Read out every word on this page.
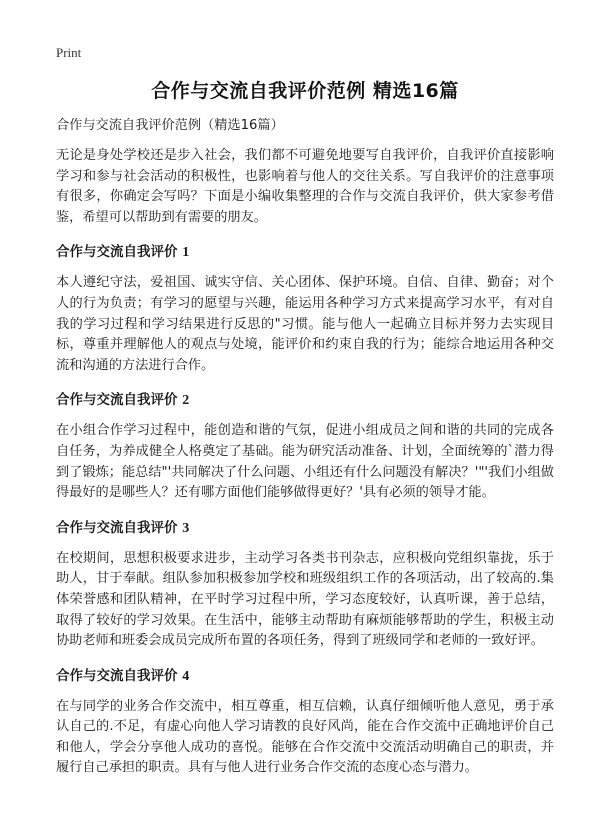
Print

合作与交流自我评价范例 精选16篇

合作与交流自我评价范例（精选16篇）

无论是身处学校还是步入社会，我们都不可避免地要写自我评价，自我评价直接影响学习和参与社会活动的积极性，也影响着与他人的交往关系。写自我评价的注意事项有很多，你确定会写吗？下面是小编收集整理的合作与交流自我评价，供大家参考借鉴，希望可以帮助到有需要的朋友。

合作与交流自我评价 1

本人遵纪守法，爱祖国、诚实守信、关心团体、保护环境。自信、自律、勤奋；对个人的行为负责；有学习的愿望与兴趣，能运用各种学习方式来提高学习水平，有对自我的学习过程和学习结果进行反思的"习惯。能与他人一起确立目标并努力去实现目标，尊重并理解他人的观点与处境，能评价和约束自我的行为；能综合地运用各种交流和沟通的方法进行合作。

合作与交流自我评价 2

在小组合作学习过程中，能创造和谐的气氛，促进小组成员之间和谐的共同的完成各自任务，为养成健全人格奠定了基础。能为研究活动准备、计划，全面统筹的`潜力得到了锻炼；能总结"'共同解决了什么问题、小组还有什么问题没有解决？'"'我们小组做得最好的是哪些人？还有哪方面他们能够做得更好？'具有必须的领导才能。

合作与交流自我评价 3

在校期间，思想积极要求进步，主动学习各类书刊杂志，应积极向党组织靠拢，乐于助人，甘于奉献。组队参加积极参加学校和班级组织工作的各项活动，出了较高的.集体荣誉感和团队精神，在平时学习过程中所，学习态度较好，认真听课，善于总结，取得了较好的学习效果。在生活中，能够主动帮助有麻烦能够帮助的学生，积极主动协助老师和班委会成员完成所布置的各项任务，得到了班级同学和老师的一致好评。

合作与交流自我评价 4

在与同学的业务合作交流中，相互尊重，相互信赖，认真仔细倾听他人意见，勇于承认自己的.不足，有虚心向他人学习请教的良好风尚，能在合作交流中正确地评价自己和他人，学会分享他人成功的喜悦。能够在合作交流中交流活动明确自己的职责，并履行自己承担的职责。具有与他人进行业务合作交流的态度心态与潜力。
